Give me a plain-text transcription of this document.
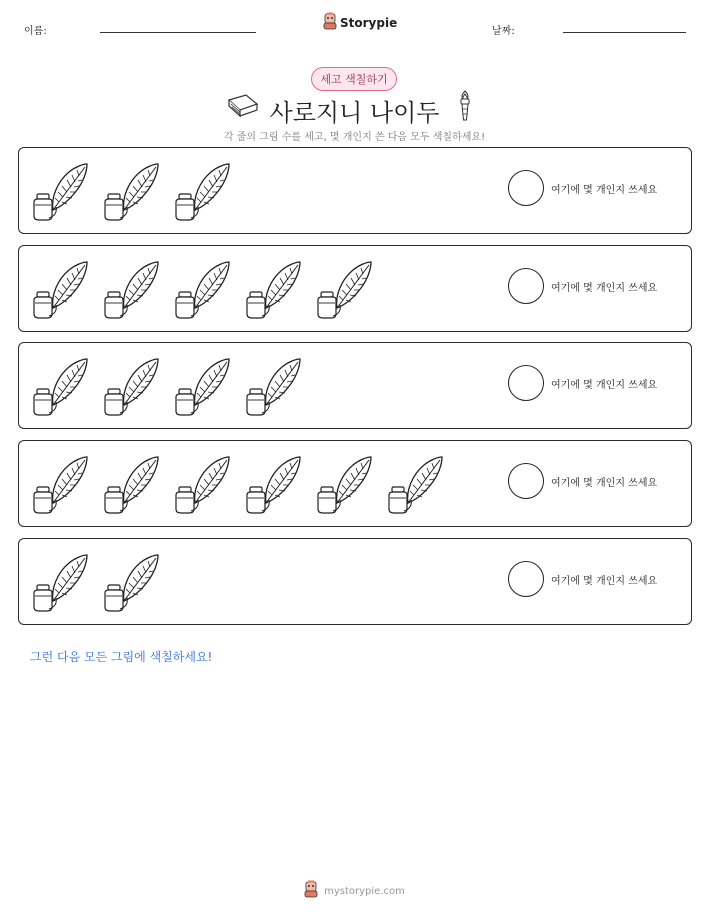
이름:
Storypie
날짜:
세고 색칠하기
사로지니 나이두
각 줄의 그림 수를 세고, 몇 개인지 쓴 다음 모두 색칠하세요!
여기에 몇 개인지 쓰세요
여기에 몇 개인지 쓰세요
여기에 몇 개인지 쓰세요
여기에 몇 개인지 쓰세요
여기에 몇 개인지 쓰세요
그런 다음 모든 그림에 색칠하세요!
mystorypie.com
